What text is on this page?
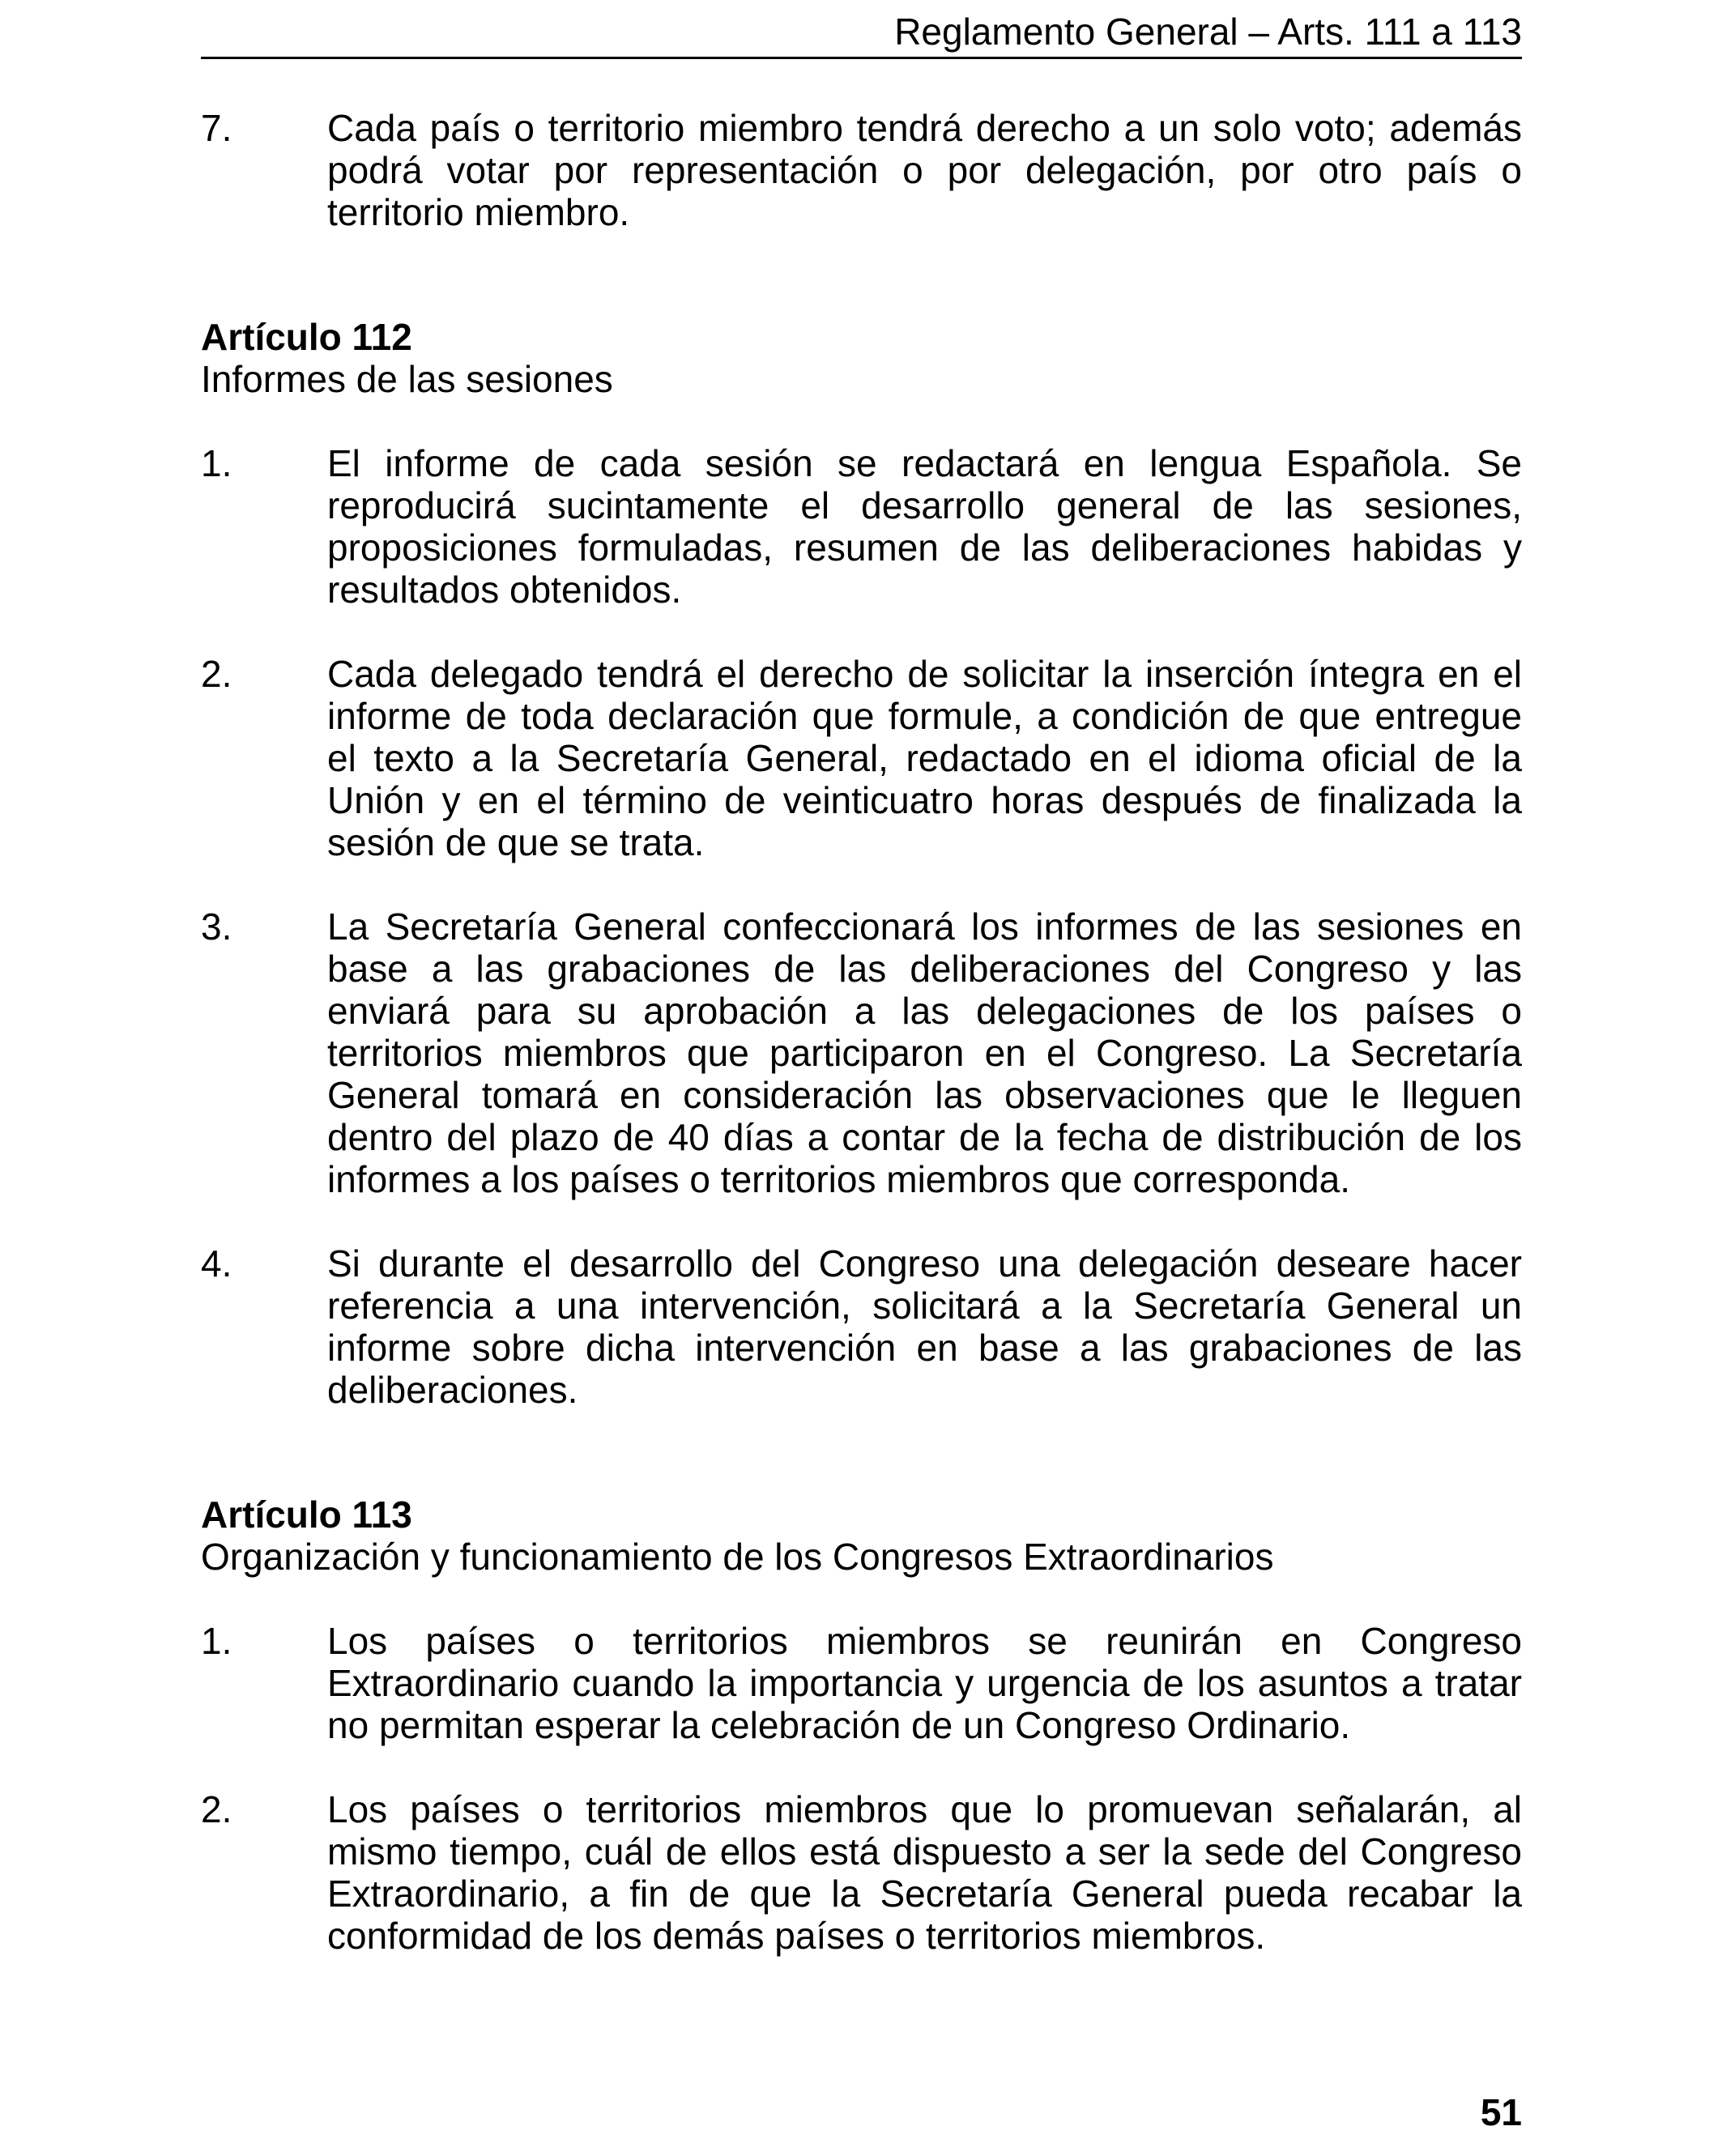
Reglamento General – Arts. 111 a 113
7.	Cada país o territorio miembro tendrá derecho a un solo voto; además podrá votar por representación o por delegación, por otro país o territorio miembro.
Artículo 112
Informes de las sesiones
1.	El informe de cada sesión se redactará en lengua Española. Se reproducirá sucintamente el desarrollo general de las sesiones, proposiciones formuladas, resumen de las deliberaciones habidas y resultados obtenidos.
2.	Cada delegado tendrá el derecho de solicitar la inserción íntegra en el informe de toda declaración que formule, a condición de que entregue el texto a la Secretaría General, redactado en el idioma oficial de la Unión y en el término de veinticuatro horas después de finalizada la sesión de que se trata.
3.	La Secretaría General confeccionará los informes de las sesiones en base a las grabaciones de las deliberaciones del Congreso y las enviará para su aprobación a las delegaciones de los países o territorios miembros que participaron en el Congreso. La Secretaría General tomará en consideración las observaciones que le lleguen dentro del plazo de 40 días a contar de la fecha de distribución de los informes a los países o territorios miembros que corresponda.
4.	Si durante el desarrollo del Congreso una delegación deseare hacer referencia a una intervención, solicitará a la Secretaría General un informe sobre dicha intervención en base a las grabaciones de las deliberaciones.
Artículo 113
Organización y funcionamiento de los Congresos Extraordinarios
1.	Los países o territorios miembros se reunirán en Congreso Extraordinario cuando la importancia y urgencia de los asuntos a tratar no permitan esperar la celebración de un Congreso Ordinario.
2.	Los países o territorios miembros que lo promuevan señalarán, al mismo tiempo, cuál de ellos está dispuesto a ser la sede del Congreso Extraordinario, a fin de que la Secretaría General pueda recabar la conformidad de los demás países o territorios miembros.
51
